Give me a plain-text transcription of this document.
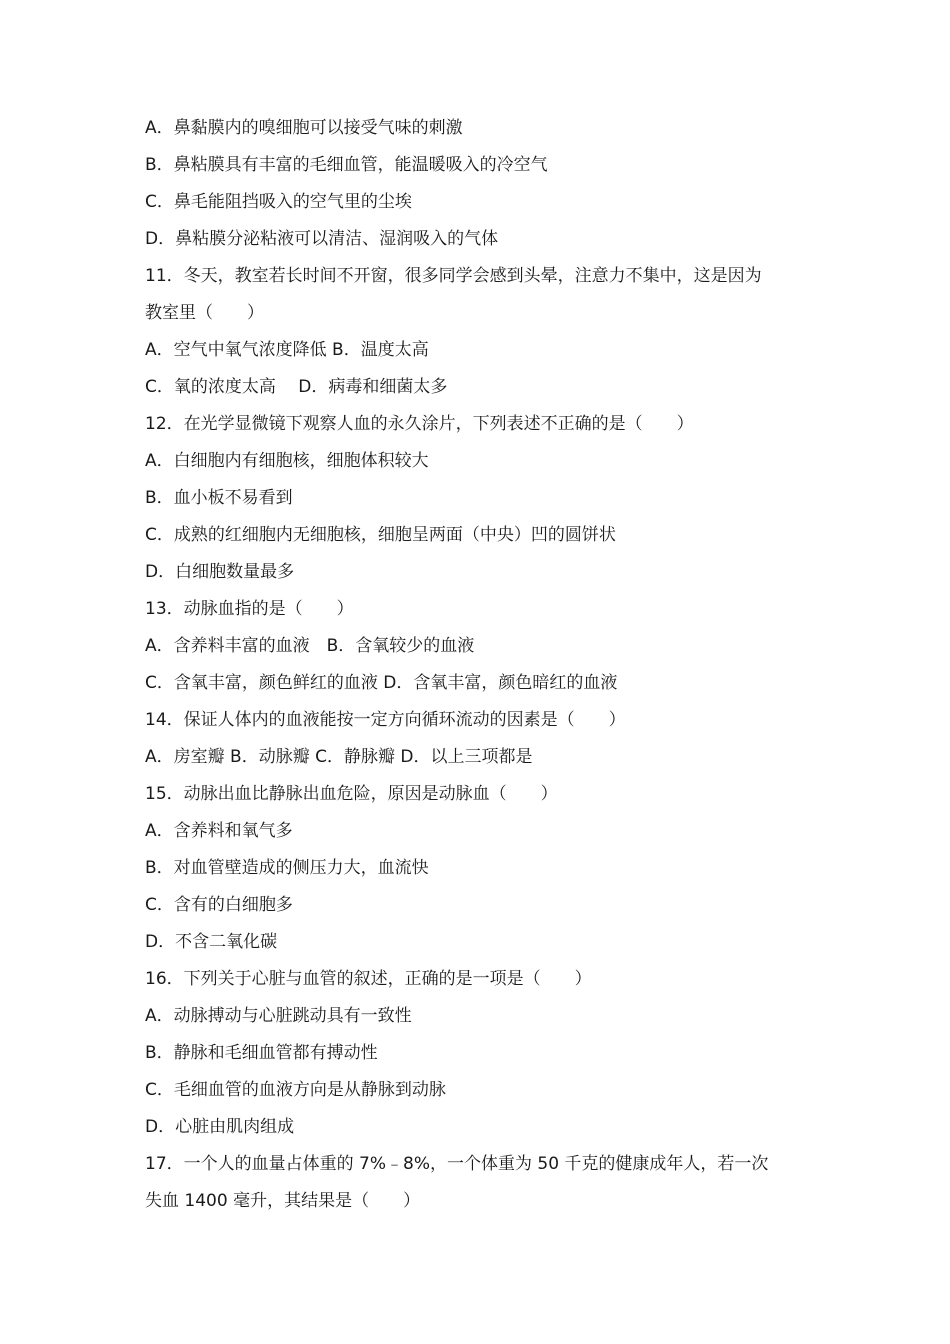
A．鼻黏膜内的嗅细胞可以接受气味的刺激
B．鼻粘膜具有丰富的毛细血管，能温暖吸入的冷空气
C．鼻毛能阻挡吸入的空气里的尘埃
D．鼻粘膜分泌粘液可以清洁、湿润吸入的气体
11．冬天，教室若长时间不开窗，很多同学会感到头晕，注意力不集中，这是因为
教室里（　　）
A．空气中氧气浓度降低 B．温度太高
C．氧的浓度太高　 D．病毒和细菌太多
12．在光学显微镜下观察人血的永久涂片，下列表述不正确的是（　　）
A．白细胞内有细胞核，细胞体积较大
B．血小板不易看到
C．成熟的红细胞内无细胞核，细胞呈两面（中央）凹的圆饼状
D．白细胞数量最多
13．动脉血指的是（　　）
A．含养料丰富的血液　B．含氧较少的血液
C．含氧丰富，颜色鲜红的血液 D．含氧丰富，颜色暗红的血液
14．保证人体内的血液能按一定方向循环流动的因素是（　　）
A．房室瓣 B．动脉瓣 C．静脉瓣 D．以上三项都是
15．动脉出血比静脉出血危险，原因是动脉血（　　）
A．含养料和氧气多
B．对血管壁造成的侧压力大，血流快
C．含有的白细胞多
D．不含二氧化碳
16．下列关于心脏与血管的叙述，正确的是一项是（　　）
A．动脉搏动与心脏跳动具有一致性
B．静脉和毛细血管都有搏动性
C．毛细血管的血液方向是从静脉到动脉
D．心脏由肌肉组成
17．一个人的血量占体重的 7%﹣8%，一个体重为 50 千克的健康成年人，若一次
失血 1400 毫升，其结果是（　　）
